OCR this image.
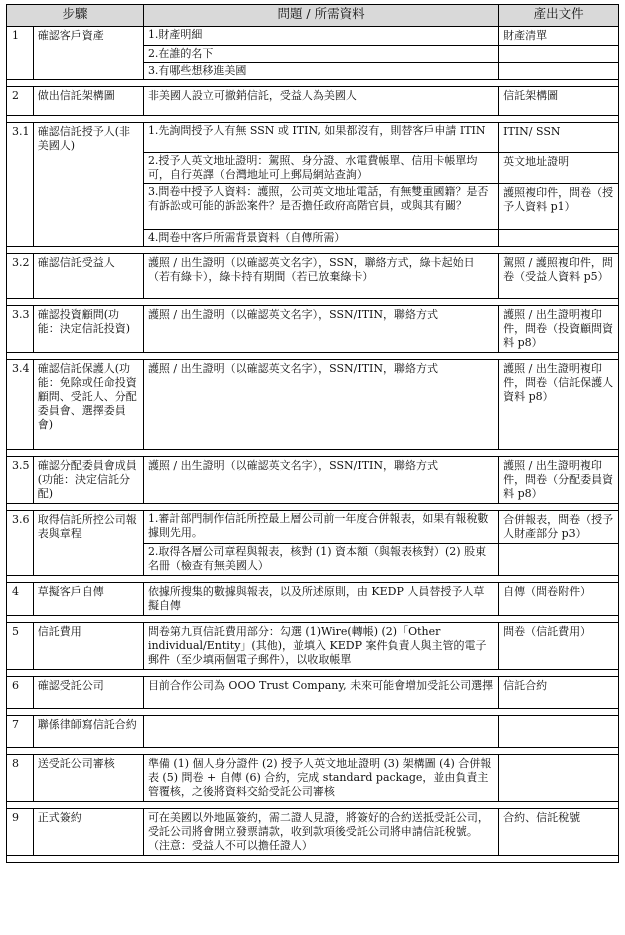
步驟		問題 / 所需資料	產出文件
1	確認客戶資產	1.財產明細	財產清單
		2.在誰的名下	
		3.有哪些想移進美國	

2	做出信託架構圖	非美國人設立可撤銷信託，受益人為美國人	信託架構圖

3.1	確認信託授予人(非美國人)	1.先詢問授予人有無 SSN 或 ITIN, 如果都沒有，則替客戶申請 ITIN	ITIN/ SSN
		2.授予人英文地址證明：駕照、身分證、水電費帳單、信用卡帳單均可，自行英譯（台灣地址可上郵局網站查詢）	英文地址證明
		3.問卷中授予人資料：護照，公司英文地址電話，有無雙重國籍？是否有訴訟或可能的訴訟案件？是否擔任政府高階官員，或與其有關？	護照複印件，問卷（授予人資料 p1）
		4.問卷中客戶所需背景資料（自傳所需）	

3.2	確認信託受益人	護照 / 出生證明（以確認英文名字），SSN，聯絡方式，綠卡起始日（若有綠卡），綠卡持有期間（若已放棄綠卡）	駕照 / 護照複印件，問卷（受益人資料 p5）

3.3	確認投資顧問(功能：決定信託投資)	護照 / 出生證明（以確認英文名字），SSN/ITIN，聯絡方式	護照 / 出生證明複印件，問卷（投資顧問資料 p8）

3.4	確認信託保護人(功能：免除或任命投資顧問、受託人、分配委員會、選擇委員會)	護照 / 出生證明（以確認英文名字），SSN/ITIN，聯絡方式	護照 / 出生證明複印件，問卷（信託保護人資料 p8）

3.5	確認分配委員會成員(功能：決定信託分配)	護照 / 出生證明（以確認英文名字），SSN/ITIN，聯絡方式	護照 / 出生證明複印件，問卷（分配委員資料 p8）

3.6	取得信託所控公司報表與章程	1.審計部門制作信託所控最上層公司前一年度合併報表，如果有報稅數據則先用。	合併報表，問卷（授予人財產部分 p3）
		2.取得各層公司章程與報表，核對 (1) 資本額（與報表核對）(2) 股東名冊（檢查有無美國人）	

4	草擬客戶自傳	依據所搜集的數據與報表，以及所述原則，由 KEDP 人員替授予人草擬自傳	自傳（問卷附件）

5	信託費用	問卷第九頁信託費用部分：勾選 (1)Wire(轉帳) (2)「Other individual/Entity」(其他)，並填入 KEDP 案件負責人與主管的電子郵件（至少填兩個電子郵件），以收取帳單	問卷（信託費用）

6	確認受託公司	目前合作公司為 OOO Trust Company, 未來可能會增加受託公司選擇	信託合約

7	聯係律師寫信託合約		

8	送受託公司審核	準備 (1) 個人身分證件 (2) 授予人英文地址證明 (3) 架構圖 (4) 合併報表 (5) 問卷 + 自傳 (6) 合約，完成 standard package，並由負責主管覆核，之後將資料交給受託公司審核	

9	正式簽約	可在美國以外地區簽約，需二證人見證，將簽好的合約送抵受託公司，受託公司將會開立發票請款，收到款項後受託公司將申請信託稅號。（注意：受益人不可以擔任證人）	合約、信託稅號
